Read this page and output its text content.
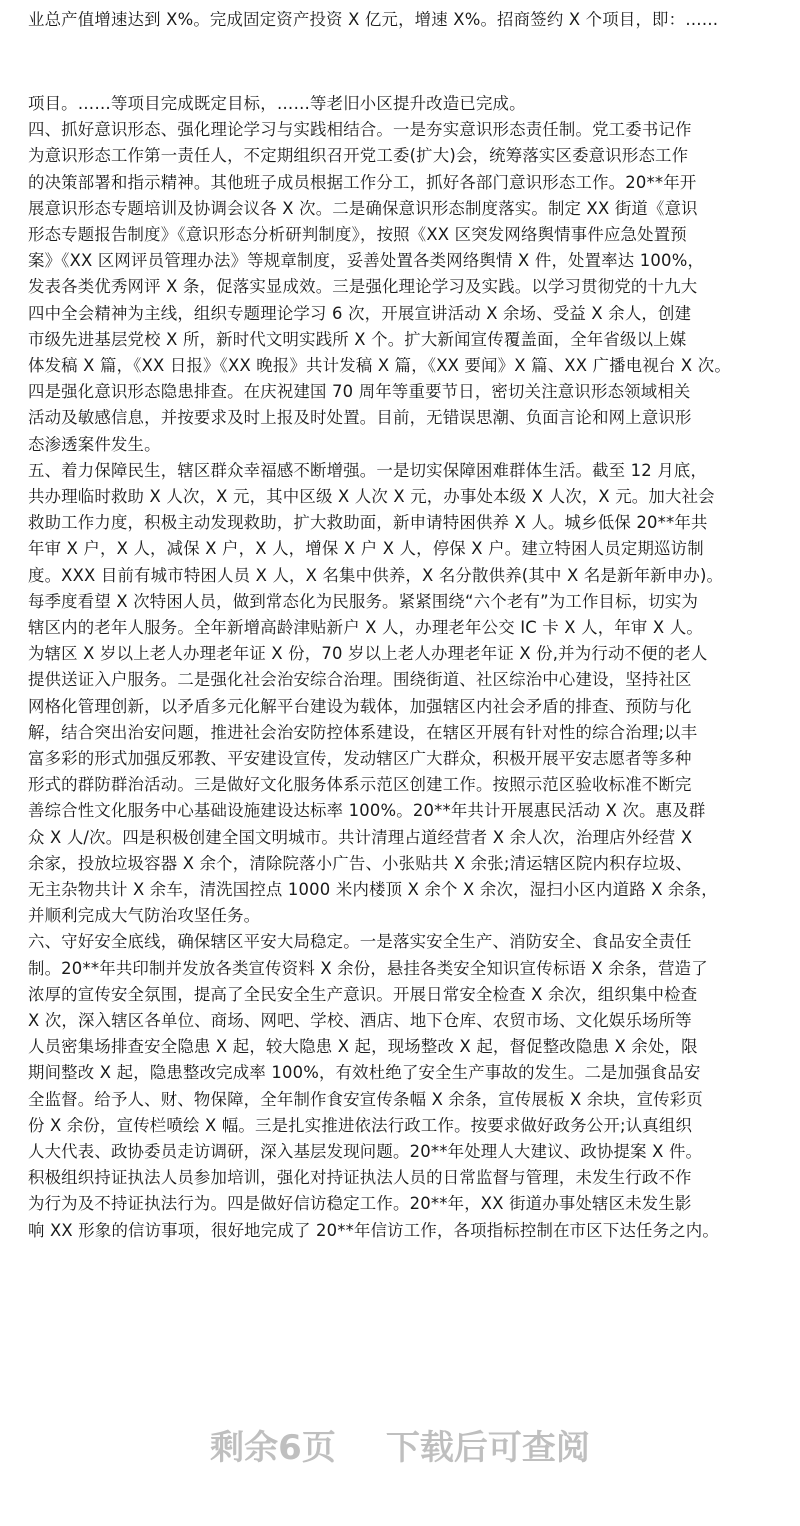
业总产值增速达到 X%。完成固定资产投资 X 亿元，增速 X%。招商签约 X 个项目，即：……
项目。……等项目完成既定目标，……等老旧小区提升改造已完成。
四、抓好意识形态、强化理论学习与实践相结合。一是夯实意识形态责任制。党工委书记作
为意识形态工作第一责任人，不定期组织召开党工委(扩大)会，统筹落实区委意识形态工作
的决策部署和指示精神。其他班子成员根据工作分工，抓好各部门意识形态工作。20**年开
展意识形态专题培训及协调会议各 X 次。二是确保意识形态制度落实。制定 XX 街道《意识
形态专题报告制度》《意识形态分析研判制度》，按照《XX 区突发网络舆情事件应急处置预
案》《XX 区网评员管理办法》等规章制度，妥善处置各类网络舆情 X 件，处置率达 100%，
发表各类优秀网评 X 条，促落实显成效。三是强化理论学习及实践。以学习贯彻党的十九大
四中全会精神为主线，组织专题理论学习 6 次，开展宣讲活动 X 余场、受益 X 余人，创建
市级先进基层党校 X 所，新时代文明实践所 X 个。扩大新闻宣传覆盖面，全年省级以上媒
体发稿 X 篇，《XX 日报》《XX 晚报》共计发稿 X 篇，《XX 要闻》X 篇、XX 广播电视台 X 次。
四是强化意识形态隐患排查。在庆祝建国 70 周年等重要节日，密切关注意识形态领域相关
活动及敏感信息，并按要求及时上报及时处置。目前，无错误思潮、负面言论和网上意识形
态渗透案件发生。
五、着力保障民生，辖区群众幸福感不断增强。一是切实保障困难群体生活。截至 12 月底，
共办理临时救助 X 人次，X 元，其中区级 X 人次 X 元，办事处本级 X 人次，X 元。加大社会
救助工作力度，积极主动发现救助，扩大救助面，新申请特困供养 X 人。城乡低保 20**年共
年审 X 户，X 人，减保 X 户，X 人，增保 X 户 X 人，停保 X 户。建立特困人员定期巡访制
度。XXX 目前有城市特困人员 X 人，X 名集中供养，X 名分散供养(其中 X 名是新年新申办)。
每季度看望 X 次特困人员，做到常态化为民服务。紧紧围绕“六个老有”为工作目标，切实为
辖区内的老年人服务。全年新增高龄津贴新户 X 人，办理老年公交 IC 卡 X 人，年审 X 人。
为辖区 X 岁以上老人办理老年证 X 份，70 岁以上老人办理老年证 X 份,并为行动不便的老人
提供送证入户服务。二是强化社会治安综合治理。围绕街道、社区综治中心建设，坚持社区
网格化管理创新，以矛盾多元化解平台建设为载体，加强辖区内社会矛盾的排查、预防与化
解，结合突出治安问题，推进社会治安防控体系建设，在辖区开展有针对性的综合治理;以丰
富多彩的形式加强反邪教、平安建设宣传，发动辖区广大群众，积极开展平安志愿者等多种
形式的群防群治活动。三是做好文化服务体系示范区创建工作。按照示范区验收标准不断完
善综合性文化服务中心基础设施建设达标率 100%。20**年共计开展惠民活动 X 次。惠及群
众 X 人/次。四是积极创建全国文明城市。共计清理占道经营者 X 余人次，治理店外经营 X
余家，投放垃圾容器 X 余个，清除院落小广告、小张贴共 X 余张;清运辖区院内积存垃圾、
无主杂物共计 X 余车，清洗国控点 1000 米内楼顶 X 余个 X 余次，湿扫小区内道路 X 余条，
并顺利完成大气防治攻坚任务。
六、守好安全底线，确保辖区平安大局稳定。一是落实安全生产、消防安全、食品安全责任
制。20**年共印制并发放各类宣传资料 X 余份，悬挂各类安全知识宣传标语 X 余条，营造了
浓厚的宣传安全氛围，提高了全民安全生产意识。开展日常安全检查 X 余次，组织集中检查
X 次，深入辖区各单位、商场、网吧、学校、酒店、地下仓库、农贸市场、文化娱乐场所等
人员密集场排查安全隐患 X 起，较大隐患 X 起，现场整改 X 起，督促整改隐患 X 余处，限
期间整改 X 起，隐患整改完成率 100%，有效杜绝了安全生产事故的发生。二是加强食品安
全监督。给予人、财、物保障，全年制作食安宣传条幅 X 余条，宣传展板 X 余块，宣传彩页
份 X 余份，宣传栏喷绘 X 幅。三是扎实推进依法行政工作。按要求做好政务公开;认真组织
人大代表、政协委员走访调研，深入基层发现问题。20**年处理人大建议、政协提案 X 件。
积极组织持证执法人员参加培训，强化对持证执法人员的日常监督与管理，未发生行政不作
为行为及不持证执法行为。四是做好信访稳定工作。20**年，XX 街道办事处辖区未发生影
响 XX 形象的信访事项，很好地完成了 20**年信访工作，各项指标控制在市区下达任务之内。
剩余6页 下载后可查阅
